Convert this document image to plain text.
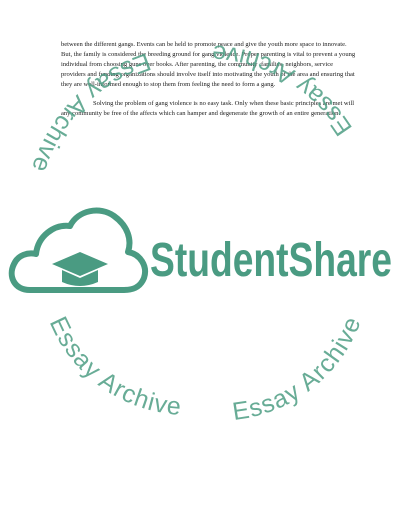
between the different gangs. Events can be held to promote peace and give the youth more space to innovate. But, the family is considered the breeding ground for gang violence. Proper parenting is vital to prevent a young individual from choosing guns over books. After parenting, the community :families, neighbors, service providers and funding organizations should involve itself into motivating the youth of the area and ensuring that they are well-informed enough to stop them from feeling the need to form a gang.

Solving the problem of gang violence is no easy task. Only when these basic principles are met will any community be free of the affects which can hamper and degenerate the growth of an entire generation.

evihcrA yassE evihcrA yassE
Essay Archive Essay Archive
StudentShare
